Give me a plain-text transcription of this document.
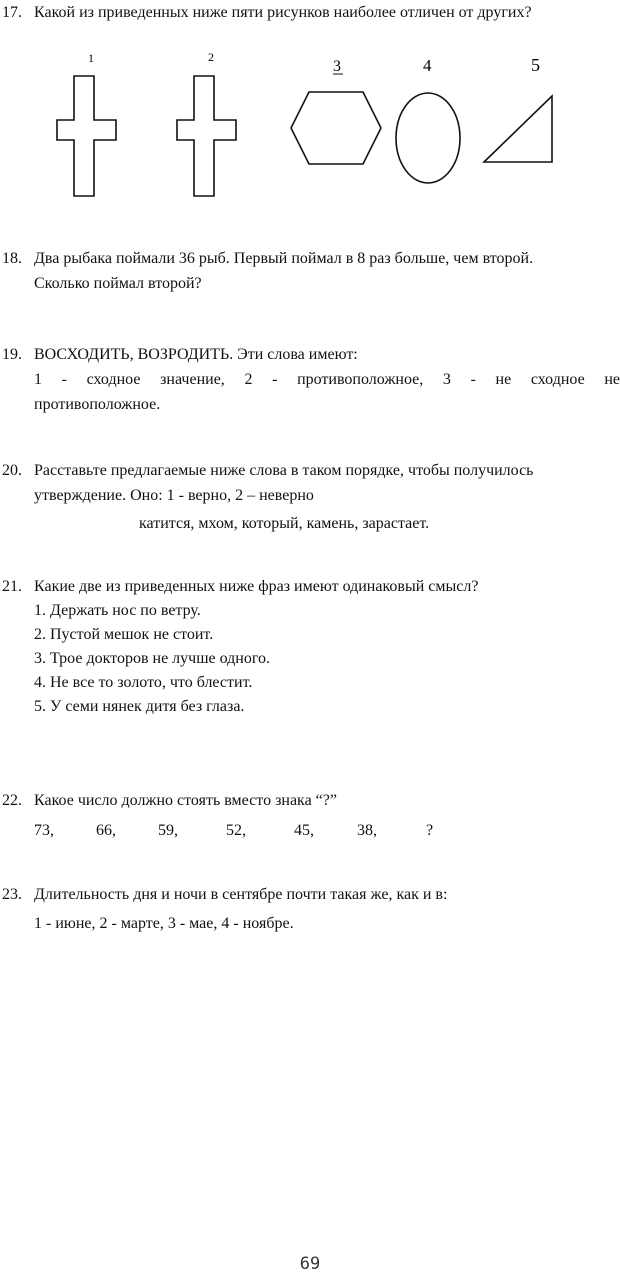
17. Какой из приведенных ниже пяти рисунков наиболее отличен от других?
1	2
3	4	5
18. Два рыбака поймали 36 рыб. Первый поймал в 8 раз больше, чем второй.
Сколько поймал второй?
19. ВОСХОДИТЬ, ВОЗРОДИТЬ. Эти слова имеют:
1 - сходное значение, 2 - противоположное, 3 - не сходное не
противоположное.
20. Расставьте предлагаемые ниже слова в таком порядке, чтобы получилось
утверждение. Оно: 1 - верно, 2 – неверно
катится, мхом, который, камень, зарастает.
21. Какие две из приведенных ниже фраз имеют одинаковый смысл?
1. Держать нос по ветру.
2. Пустой мешок не стоит.
3. Трое докторов не лучше одного.
4. Не все то золото, что блестит.
5. У семи нянек дитя без глаза.
22. Какое число должно стоять вместо знака “?”
73,	66,	59,	52,	45,	38,	?
23. Длительность дня и ночи в сентябре почти такая же, как и в:
1 - июне, 2 - марте, 3 - мае, 4 - ноябре.
69
